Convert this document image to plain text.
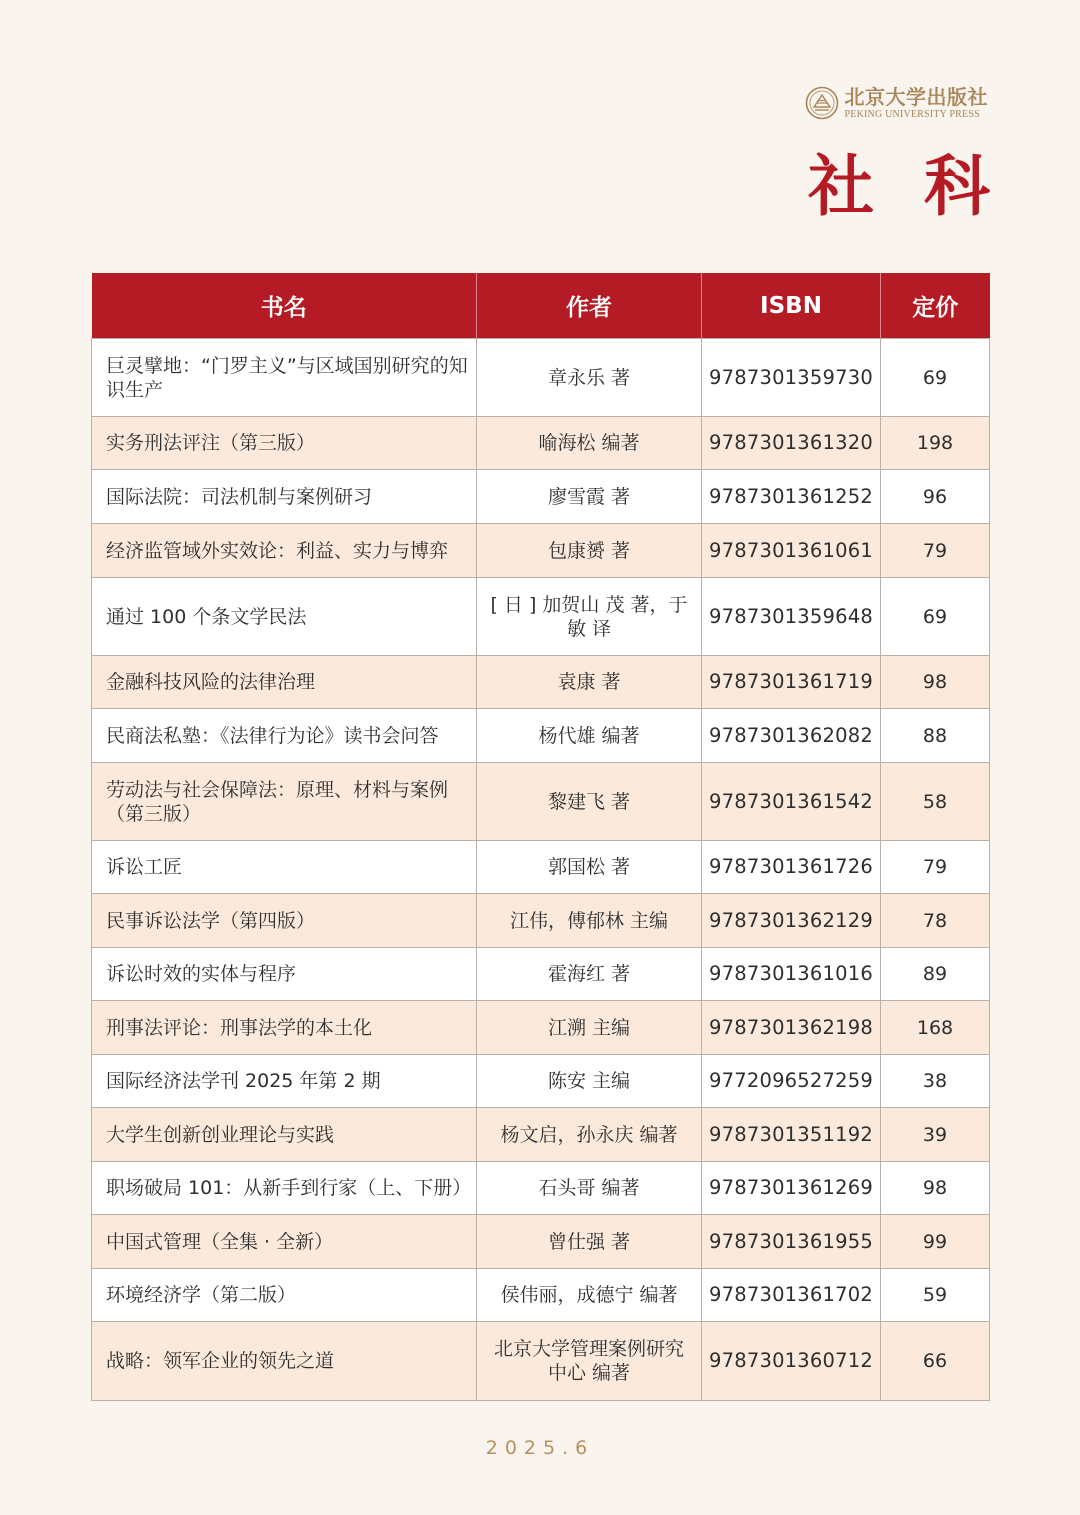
北京大学出版社
PEKING UNIVERSITY PRESS
社科
书名	作者	ISBN	定价
巨灵擘地：“门罗主义”与区域国别研究的知识生产	章永乐 著	9787301359730	69
实务刑法评注（第三版）	喻海松 编著	9787301361320	198
国际法院：司法机制与案例研习	廖雪霞 著	9787301361252	96
经济监管域外实效论：利益、实力与博弈	包康赟 著	9787301361061	79
通过 100 个条文学民法	[ 日 ] 加贺山 茂 著，于敏 译	9787301359648	69
金融科技风险的法律治理	袁康 著	9787301361719	98
民商法私塾：《法律行为论》读书会问答	杨代雄 编著	9787301362082	88
劳动法与社会保障法：原理、材料与案例（第三版）	黎建飞 著	9787301361542	58
诉讼工匠	郭国松 著	9787301361726	79
民事诉讼法学（第四版）	江伟，傅郁林 主编	9787301362129	78
诉讼时效的实体与程序	霍海红 著	9787301361016	89
刑事法评论：刑事法学的本土化	江溯 主编	9787301362198	168
国际经济法学刊 2025 年第 2 期	陈安 主编	9772096527259	38
大学生创新创业理论与实践	杨文启，孙永庆 编著	9787301351192	39
职场破局 101：从新手到行家（上、下册）	石头哥 编著	9787301361269	98
中国式管理（全集 · 全新）	曾仕强 著	9787301361955	99
环境经济学（第二版）	侯伟丽，成德宁 编著	9787301361702	59
战略：领军企业的领先之道	北京大学管理案例研究中心 编著	9787301360712	66
2025.6
